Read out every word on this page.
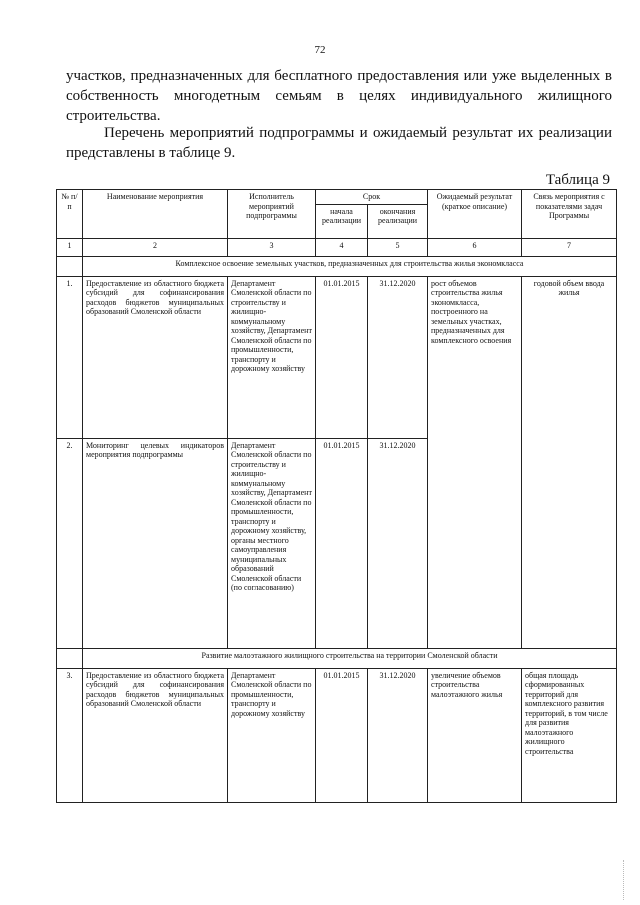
72
участков, предназначенных для бесплатного предоставления или уже выделенных в
собственность многодетным семьям в целях индивидуального жилищного
строительства.
Перечень мероприятий подпрограммы и ожидаемый результат их реализации
представлены в таблице 9.
Таблица 9
№ п/п	Наименование мероприятия	Исполнитель мероприятий подпрограммы	Срок		Ожидаемый результат (краткое описание)	Связь мероприятия с показателями задач Программы
			начала реализации	окончания реализации		
1	2	3	4	5	6	7
	Комплексное освоение земельных участков, предназначенных для строительства жилья экономкласса					
1.	Предоставление из областного бюджета субсидий для софинансирования расходов бюджетов муниципальных образований Смоленской области	Департамент Смоленской области по строительству и жилищно-коммунальному хозяйству, Департамент Смоленской области по промышленности, транспорту и дорожному хозяйству	01.01.2015	31.12.2020	рост объемов строительства жилья экономкласса, построенного на земельных участках, предназначенных для комплексного освоения	годовой объем ввода жилья
2.	Мониторинг целевых индикаторов мероприятия подпрограммы	Департамент Смоленской области по строительству и жилищно-коммунальному хозяйству, Департамент Смоленской области по промышленности, транспорту и дорожному хозяйству, органы местного самоуправления муниципальных образований Смоленской области (по согласованию)	01.01.2015	31.12.2020		
	Развитие малоэтажного жилищного строительства на территории Смоленской области					
3.	Предоставление из областного бюджета субсидий для софинансирования расходов бюджетов муниципальных образований Смоленской области	Департамент Смоленской области по промышленности, транспорту и дорожному хозяйству	01.01.2015	31.12.2020	увеличение объемов строительства малоэтажного жилья	общая площадь сформированных территорий для комплексного развития территорий, в том числе для развития малоэтажного жилищного строительства
